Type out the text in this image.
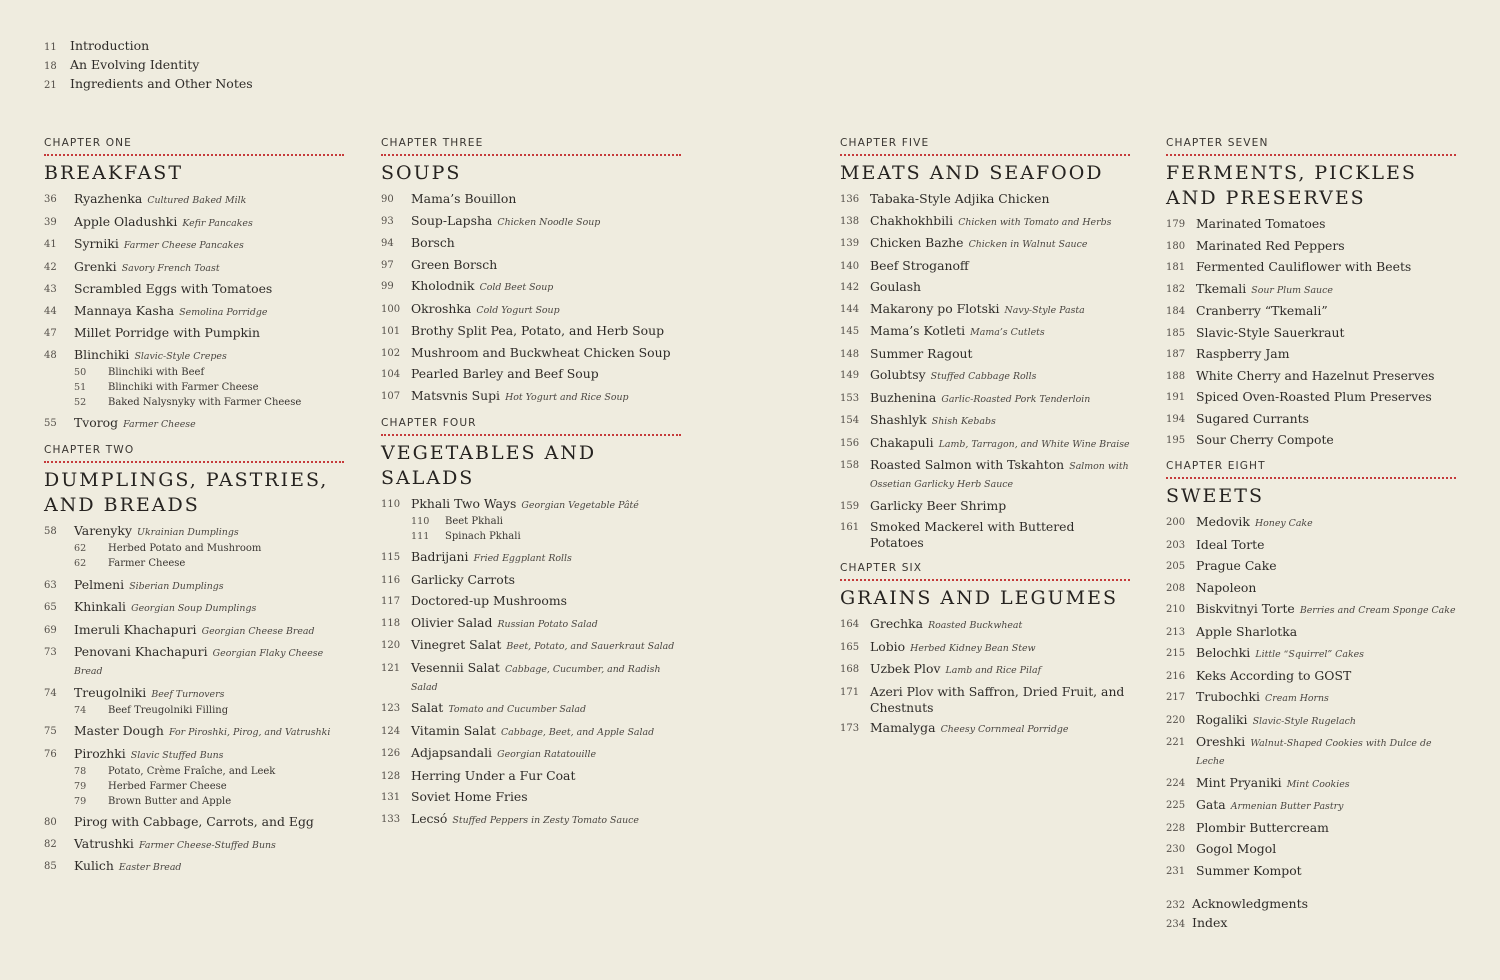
11	Introduction
18	An Evolving Identity
21	Ingredients and Other Notes
CHAPTER ONE
BREAKFAST
36	Ryazhenka Cultured Baked Milk
39	Apple Oladushki Kefir Pancakes
41	Syrniki Farmer Cheese Pancakes
42	Grenki Savory French Toast
43	Scrambled Eggs with Tomatoes
44	Mannaya Kasha Semolina Porridge
47	Millet Porridge with Pumpkin
48	Blinchiki Slavic-Style Crepes
50	Blinchiki with Beef
51	Blinchiki with Farmer Cheese
52	Baked Nalysnyky with Farmer Cheese
55	Tvorog Farmer Cheese
CHAPTER TWO
DUMPLINGS, PASTRIES, AND BREADS
58	Varenyky Ukrainian Dumplings
62	Herbed Potato and Mushroom
62	Farmer Cheese
63	Pelmeni Siberian Dumplings
65	Khinkali Georgian Soup Dumplings
69	Imeruli Khachapuri Georgian Cheese Bread
73	Penovani Khachapuri Georgian Flaky Cheese Bread
74	Treugolniki Beef Turnovers
74	Beef Treugolniki Filling
75	Master Dough For Piroshki, Pirog, and Vatrushki
76	Pirozhki Slavic Stuffed Buns
78	Potato, Crème Fraîche, and Leek
79	Herbed Farmer Cheese
79	Brown Butter and Apple
80	Pirog with Cabbage, Carrots, and Egg
82	Vatrushki Farmer Cheese-Stuffed Buns
85	Kulich Easter Bread
CHAPTER THREE
SOUPS
90	Mama’s Bouillon
93	Soup-Lapsha Chicken Noodle Soup
94	Borsch
97	Green Borsch
99	Kholodnik Cold Beet Soup
100 Okroshka Cold Yogurt Soup
101 Brothy Split Pea, Potato, and Herb Soup
102 Mushroom and Buckwheat Chicken Soup
104 Pearled Barley and Beef Soup
107 Matsvnis Supi Hot Yogurt and Rice Soup
CHAPTER FOUR
VEGETABLES AND SALADS
110 Pkhali Two Ways Georgian Vegetable Pâté
110	Beet Pkhali
111	Spinach Pkhali
115 Badrijani Fried Eggplant Rolls
116 Garlicky Carrots
117 Doctored-up Mushrooms
118 Olivier Salad Russian Potato Salad
120 Vinegret Salat Beet, Potato, and Sauerkraut Salad
121 Vesennii Salat Cabbage, Cucumber, and Radish Salad
123 Salat Tomato and Cucumber Salad
124 Vitamin Salat Cabbage, Beet, and Apple Salad
126 Adjapsandali Georgian Ratatouille
128 Herring Under a Fur Coat
131 Soviet Home Fries
133 Lecsó Stuffed Peppers in Zesty Tomato Sauce
CHAPTER FIVE
MEATS AND SEAFOOD
136 Tabaka-Style Adjika Chicken
138 Chakhokhbili Chicken with Tomato and Herbs
139 Chicken Bazhe Chicken in Walnut Sauce
140 Beef Stroganoff
142 Goulash
144 Makarony po Flotski Navy-Style Pasta
145 Mama’s Kotleti Mama’s Cutlets
148 Summer Ragout
149 Golubtsy Stuffed Cabbage Rolls
153 Buzhenina Garlic-Roasted Pork Tenderloin
154 Shashlyk Shish Kebabs
156 Chakapuli Lamb, Tarragon, and White Wine Braise
158 Roasted Salmon with Tskahton Salmon with Ossetian Garlicky Herb Sauce
159 Garlicky Beer Shrimp
161 Smoked Mackerel with Buttered Potatoes
CHAPTER SIX
GRAINS AND LEGUMES
164 Grechka Roasted Buckwheat
165 Lobio Herbed Kidney Bean Stew
168 Uzbek Plov Lamb and Rice Pilaf
171 Azeri Plov with Saffron, Dried Fruit, and Chestnuts
173 Mamalyga Cheesy Cornmeal Porridge
CHAPTER SEVEN
FERMENTS, PICKLES AND PRESERVES
179 Marinated Tomatoes
180 Marinated Red Peppers
181 Fermented Cauliflower with Beets
182 Tkemali Sour Plum Sauce
184 Cranberry “Tkemali”
185 Slavic-Style Sauerkraut
187 Raspberry Jam
188 White Cherry and Hazelnut Preserves
191 Spiced Oven-Roasted Plum Preserves
194 Sugared Currants
195 Sour Cherry Compote
CHAPTER EIGHT
SWEETS
200 Medovik Honey Cake
203 Ideal Torte
205 Prague Cake
208 Napoleon
210 Biskvitnyi Torte Berries and Cream Sponge Cake
213 Apple Sharlotka
215 Belochki Little “Squirrel” Cakes
216 Keks According to GOST
217 Trubochki Cream Horns
220 Rogaliki Slavic-Style Rugelach
221 Oreshki Walnut-Shaped Cookies with Dulce de Leche
224 Mint Pryaniki Mint Cookies
225 Gata Armenian Butter Pastry
228 Plombir Buttercream
230 Gogol Mogol
231 Summer Kompot
232 Acknowledgments
234 Index
